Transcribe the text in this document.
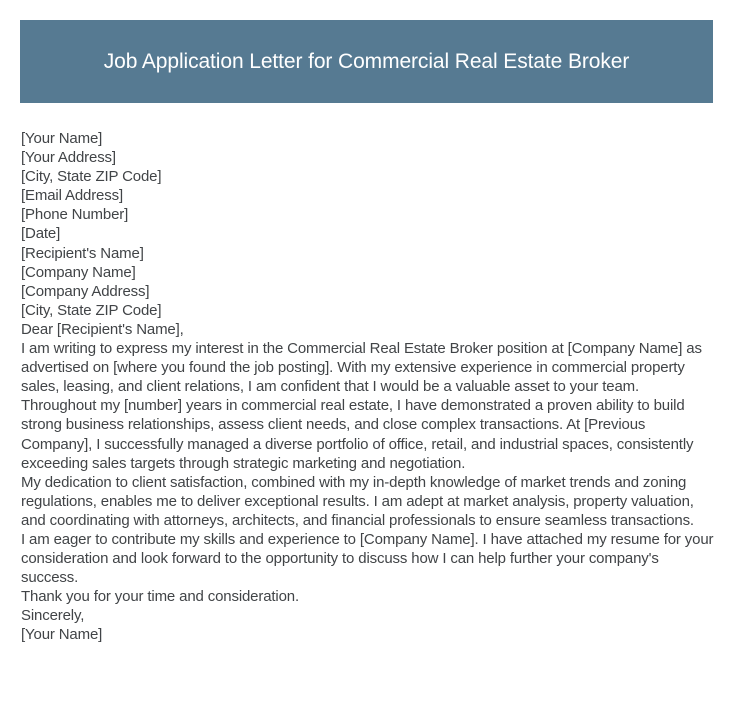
Job Application Letter for Commercial Real Estate Broker
[Your Name]
[Your Address]
[City, State ZIP Code]
[Email Address]
[Phone Number]
[Date]
[Recipient's Name]
[Company Name]
[Company Address]
[City, State ZIP Code]
Dear [Recipient's Name],

I am writing to express my interest in the Commercial Real Estate Broker position at [Company Name] as advertised on [where you found the job posting]. With my extensive experience in commercial property sales, leasing, and client relations, I am confident that I would be a valuable asset to your team.

Throughout my [number] years in commercial real estate, I have demonstrated a proven ability to build strong business relationships, assess client needs, and close complex transactions. At [Previous Company], I successfully managed a diverse portfolio of office, retail, and industrial spaces, consistently exceeding sales targets through strategic marketing and negotiation.

My dedication to client satisfaction, combined with my in-depth knowledge of market trends and zoning regulations, enables me to deliver exceptional results. I am adept at market analysis, property valuation, and coordinating with attorneys, architects, and financial professionals to ensure seamless transactions.

I am eager to contribute my skills and experience to [Company Name]. I have attached my resume for your consideration and look forward to the opportunity to discuss how I can help further your company's success.

Thank you for your time and consideration.
Sincerely,
[Your Name]
